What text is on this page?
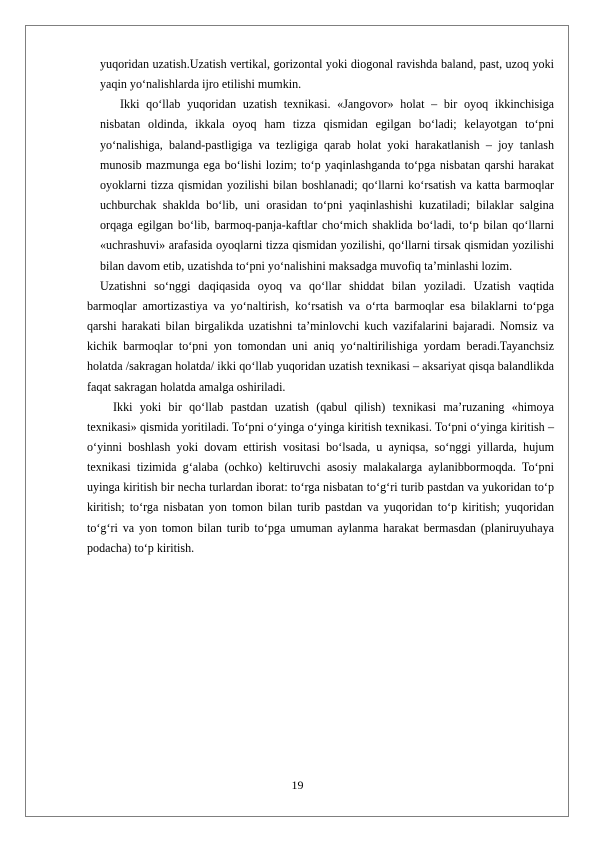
yuqoridan uzatish.Uzatish vertikal, gorizontal yoki diogonal ravishda baland, past, uzoq yoki yaqin yo‘nalishlarda ijro etilishi mumkin.

Ikki qo‘llab yuqoridan uzatish texnikasi. «Jangovor» holat – bir oyoq ikkinchisiga nisbatan oldinda, ikkala oyoq ham tizza qismidan egilgan bo‘ladi; kelayotgan to‘pni yo‘nalishiga, baland-pastligiga va tezligiga qarab holat yoki harakatlanish – joy tanlash munosib mazmunga ega bo‘lishi lozim; to‘p yaqinlashganda to‘pga nisbatan qarshi harakat oyoklarni tizza qismidan yozilishi bilan boshlanadi; qo‘llarni ko‘rsatish va katta barmoqlar uchburchak shaklda bo‘lib, uni orasidan to‘pni yaqinlashishi kuzatiladi; bilaklar salgina orqaga egilgan bo‘lib, barmoq-panja-kaftlar cho‘mich shaklida bo‘ladi, to‘p bilan qo‘llarni «uchrashuvi» arafasida oyoqlarni tizza qismidan yozilishi, qo‘llarni tirsak qismidan yozilishi bilan davom etib, uzatishda to‘pni yo‘nalishini maksadga muvofiq ta’minlashi lozim.

Uzatishni so‘nggi daqiqasida oyoq va qo‘llar shiddat bilan yoziladi. Uzatish vaqtida barmoqlar amortizastiya va yo‘naltirish, ko‘rsatish va o‘rta barmoqlar esa bilaklarni to‘pga qarshi harakati bilan birgalikda uzatishni ta’minlovchi kuch vazifalarini bajaradi. Nomsiz va kichik barmoqlar to‘pni yon tomondan uni aniq yo‘naltirilishiga yordam beradi.Tayanchsiz holatda /sakragan holatda/ ikki qo‘llab yuqoridan uzatish texnikasi – aksariyat qisqa balandlikda faqat sakragan holatda amalga oshiriladi.

Ikki yoki bir qo‘llab pastdan uzatish (qabul qilish) texnikasi ma’ruzaning «himoya texnikasi» qismida yoritiladi. To‘pni o‘yinga o‘yinga kiritish texnikasi. To‘pni o‘yinga kiritish – o‘yinni boshlash yoki dovam ettirish vositasi bo‘lsada, u ayniqsa, so‘nggi yillarda, hujum texnikasi tizimida g‘alaba (ochko) keltiruvchi asosiy malakalarga aylanibbormoqda. To‘pni uyinga kiritish bir necha turlardan iborat: to‘rga nisbatan to‘g‘ri turib pastdan va yukoridan to‘p kiritish; to‘rga nisbatan yon tomon bilan turib pastdan va yuqoridan to‘p kiritish; yuqoridan to‘g‘ri va yon tomon bilan turib to‘pga umuman aylanma harakat bermasdan (planiruyuhaya podacha) to‘p kiritish.

19
